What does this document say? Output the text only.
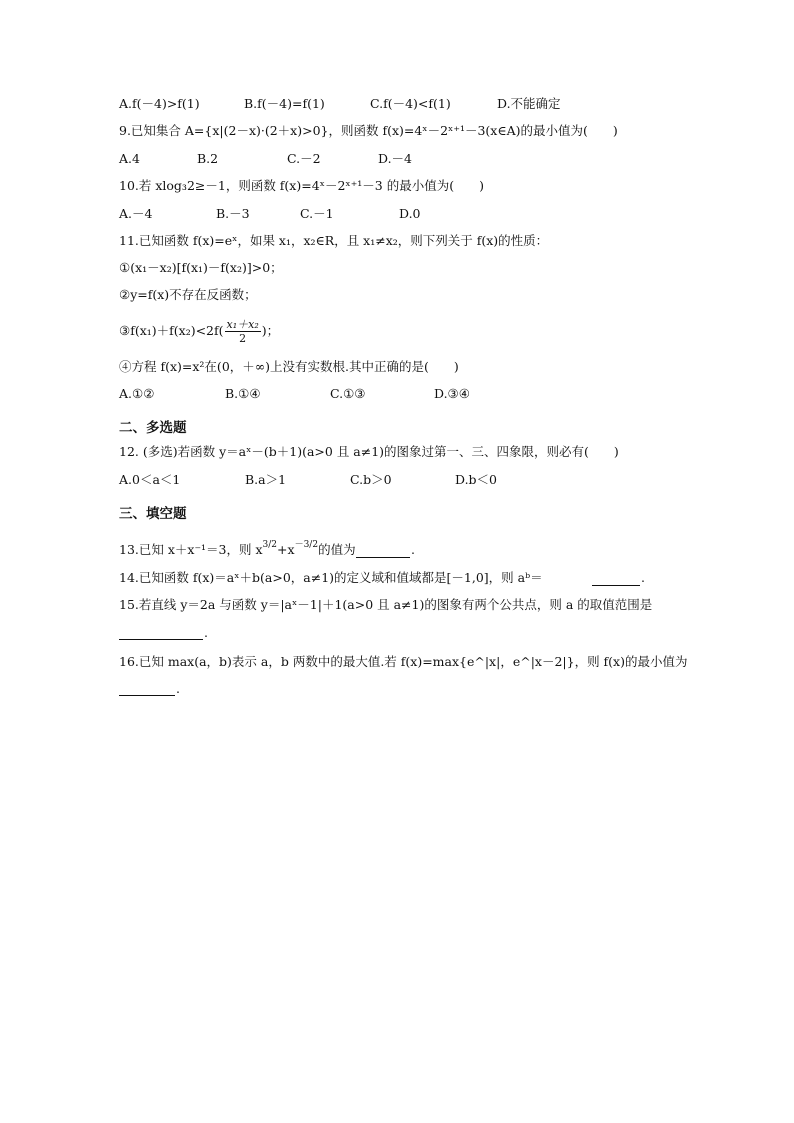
A.f(－4)>f(1)	B.f(－4)=f(1)	C.f(－4)<f(1)	D.不能确定
9.已知集合 A={x|(2－x)·(2＋x)>0}，则函数 f(x)=4ˣ－2ˣ⁺¹－3(x∈A)的最小值为(　　)
A.4	B.2	C.－2	D.－4
10.若 xlog₃2≥－1，则函数 f(x)=4ˣ－2ˣ⁺¹－3 的最小值为(　　)
A.－4	B.－3	C.－1	D.0
11.已知函数 f(x)=eˣ，如果 x₁，x₂∈R，且 x₁≠x₂，则下列关于 f(x)的性质：
①(x₁－x₂)[f(x₁)－f(x₂)]>0；
②y=f(x)不存在反函数；
③f(x₁)＋f(x₂)<2f( $\frac{\text{x₁＋x₂}}{2}$ )；
④方程 f(x)=x²在(0，＋∞)上没有实数根.其中正确的是(　　)
A.①②	B.①④	C.①③	D.③④
二、多选题
12. (多选)若函数 y＝aˣ－(b＋1)(a>0 且 a≠1)的图象过第一、三、四象限，则必有(　　)
A.0＜a＜1	B.a＞1	C.b＞0	D.b＜0
三、填空题
13.已知 x＋x⁻¹＝3，则 $x^{3/2}+x^{-3/2}$的值为	.
14.已知函数 f(x)＝aˣ＋b(a>0，a≠1)的定义域和值域都是[－1,0]，则 aᵇ＝	.
15.若直线 y＝2a 与函数 y＝|aˣ－1|＋1(a>0 且 a≠1)的图象有两个公共点，则 a 的取值范围是
.
16.已知 max(a，b)表示 a，b 两数中的最大值.若 f(x)=max{e^|x|，e^|x－2|}，则 f(x)的最小值为
.
